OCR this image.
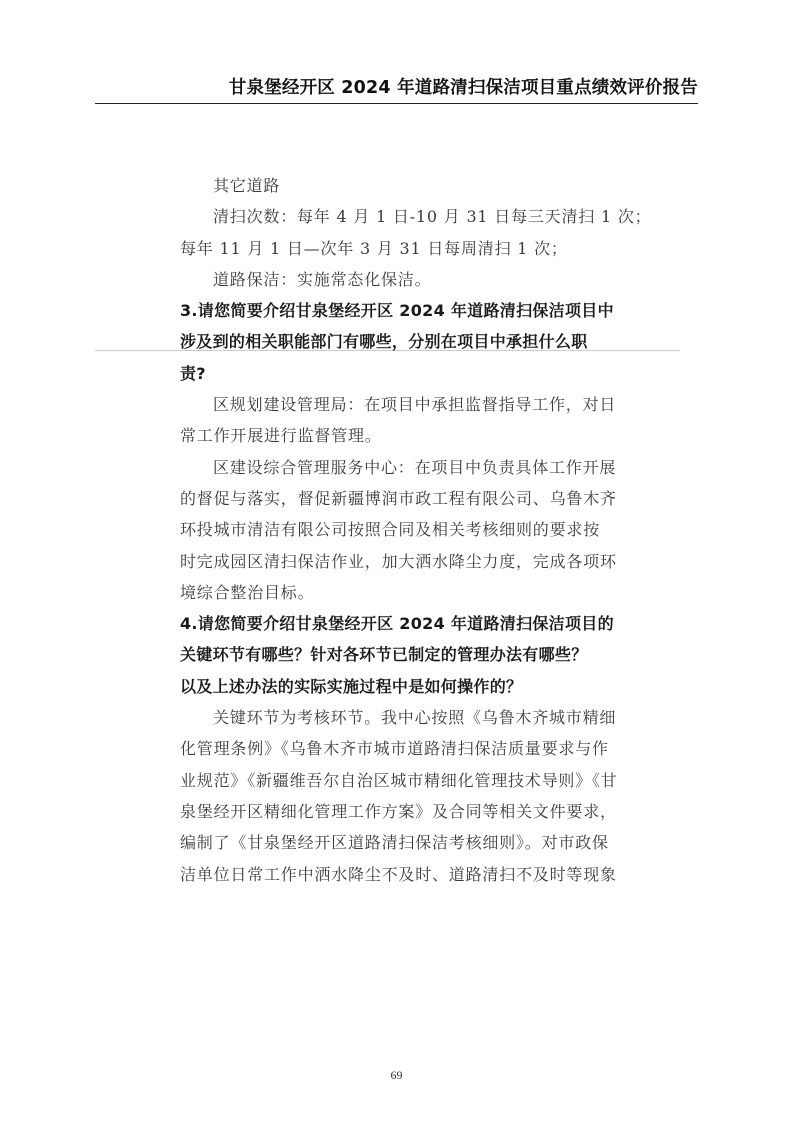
甘泉堡经开区 2024 年道路清扫保洁项目重点绩效评价报告
其它道路
清扫次数：每年 4 月 1 日-10 月 31 日每三天清扫 1 次；
每年 11 月 1 日—次年 3 月 31 日每周清扫 1 次；
道路保洁：实施常态化保洁。
3.请您简要介绍甘泉堡经开区 2024 年道路清扫保洁项目中
涉及到的相关职能部门有哪些，分别在项目中承担什么职
责?
区规划建设管理局：在项目中承担监督指导工作，对日
常工作开展进行监督管理。
区建设综合管理服务中心：在项目中负责具体工作开展
的督促与落实，督促新疆博润市政工程有限公司、乌鲁木齐
环投城市清洁有限公司按照合同及相关考核细则的要求按
时完成园区清扫保洁作业，加大洒水降尘力度，完成各项环
境综合整治目标。
4.请您简要介绍甘泉堡经开区 2024 年道路清扫保洁项目的
关键环节有哪些？针对各环节已制定的管理办法有哪些？
以及上述办法的实际实施过程中是如何操作的？
关键环节为考核环节。我中心按照《乌鲁木齐城市精细
化管理条例》《乌鲁木齐市城市道路清扫保洁质量要求与作
业规范》《新疆维吾尔自治区城市精细化管理技术导则》《甘
泉堡经开区精细化管理工作方案》及合同等相关文件要求，
编制了《甘泉堡经开区道路清扫保洁考核细则》。对市政保
洁单位日常工作中洒水降尘不及时、道路清扫不及时等现象
69
